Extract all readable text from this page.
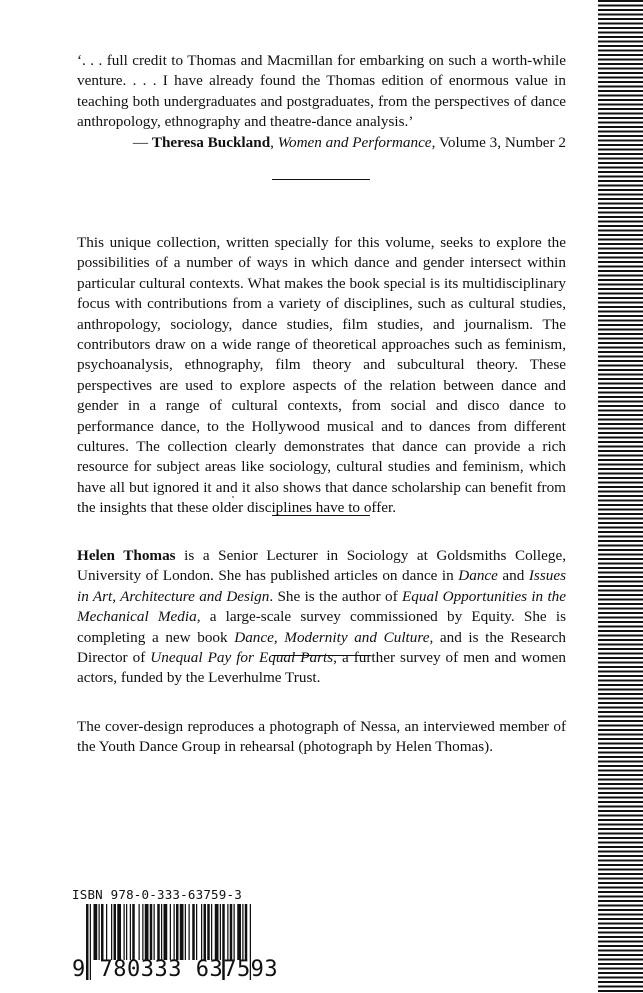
‘. . . full credit to Thomas and Macmillan for embarking on such a worth-while venture. . . . I have already found the Thomas edition of enormous value in teaching both undergraduates and postgraduates, from the perspectives of dance anthropology, ethnography and theatre-dance analysis.’
— Theresa Buckland, Women and Performance, Volume 3, Number 2
This unique collection, written specially for this volume, seeks to explore the possibilities of a number of ways in which dance and gender intersect within particular cultural contexts. What makes the book special is its multidisciplinary focus with contributions from a variety of disciplines, such as cultural studies, anthropology, sociology, dance studies, film studies, and journalism. The contributors draw on a wide range of theoretical approaches such as feminism, psychoanalysis, ethnography, film theory and subcultural theory. These perspectives are used to explore aspects of the relation between dance and gender in a range of cultural contexts, from social and disco dance to performance dance, to the Hollywood musical and to dances from different cultures. The collection clearly demonstrates that dance can provide a rich resource for subject areas like sociology, cultural studies and feminism, which have all but ignored it and it also shows that dance scholarship can benefit from the insights that these older disciplines have to offer.
Helen Thomas is a Senior Lecturer in Sociology at Goldsmiths College, University of London. She has published articles on dance in Dance and Issues in Art, Architecture and Design. She is the author of Equal Opportunities in the Mechanical Media, a large-scale survey commissioned by Equity. She is completing a new book Dance, Modernity and Culture, and is the Research Director of Unequal Pay for Equal Parts, a further survey of men and women actors, funded by the Leverhulme Trust.
The cover-design reproduces a photograph of Nessa, an interviewed member of the Youth Dance Group in rehearsal (photograph by Helen Thomas).
ISBN 978-0-333-63759-3
9 780333 637593
